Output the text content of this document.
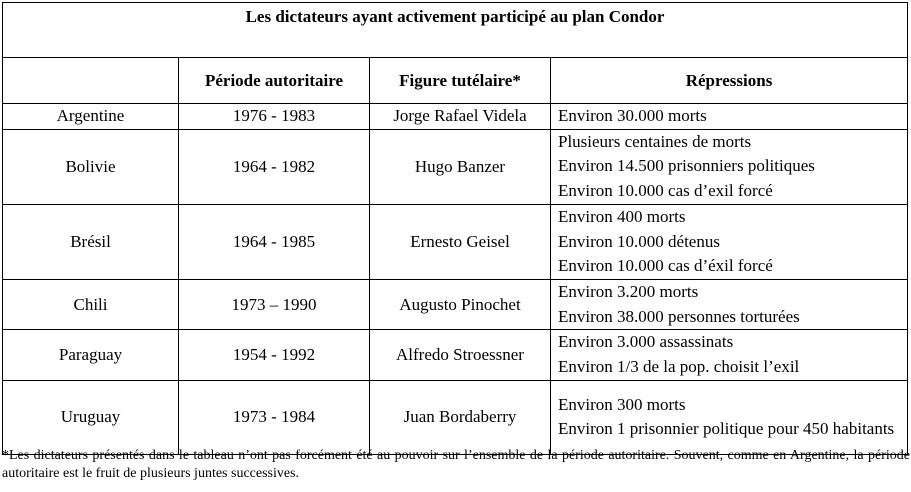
Les dictateurs ayant activement participé au plan Condor			
	Période autoritaire	Figure tutélaire*	Répressions
Argentine	1976 - 1983	Jorge Rafael Videla	Environ 30.000 morts

Bolivie	1964 - 1982	Hugo Banzer	Plusieurs centaines de morts
Environ 14.500 prisonniers politiques
Environ 10.000 cas d’exil forcé

Brésil	1964 - 1985	Ernesto Geisel	Environ 400 morts
Environ 10.000 détenus
Environ 10.000 cas d’éxil forcé

Chili	1973 – 1990	Augusto Pinochet	Environ 3.200 morts
Environ 38.000 personnes torturées

Paraguay	1954 - 1992	Alfredo Stroessner	Environ 3.000 assassinats
Environ 1/3 de la pop. choisit l’exil

Uruguay	1973 - 1984	Juan Bordaberry	Environ 300 morts
Environ 1 prisonnier politique pour 450 habitants
*Les dictateurs présentés dans le tableau n’ont pas forcément été au pouvoir sur l’ensemble de la période autoritaire. Souvent, comme en Argentine, la période autoritaire est le fruit de plusieurs juntes successives.
